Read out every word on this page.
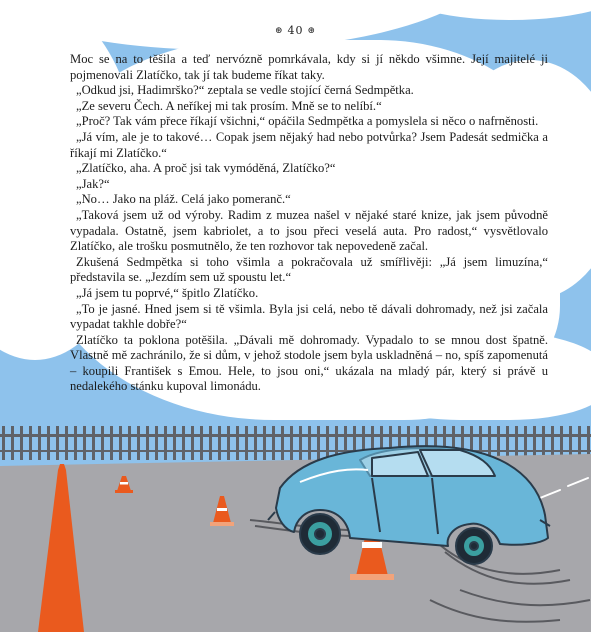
⊛ 40 ⊛

Moc se na to těšila a teď nervózně pomrkávala, kdy si jí někdo všimne. Její majitelé ji pojmenovali Zlatíčko, tak jí tak budeme říkat taky.

„Odkud jsi, Hadimrško?“ zeptala se vedle stojící černá Sedmpětka.

„Ze severu Čech. A neříkej mi tak prosím. Mně se to nelíbí.“

„Proč? Tak vám přece říkají všichni,“ opáčila Sedmpětka a pomyslela si něco o nafrněnosti.

„Já vím, ale je to takové… Copak jsem nějaký had nebo potvůrka? Jsem Padesát sedmička a říkají mi Zlatíčko.“

„Zlatíčko, aha. A proč jsi tak vymóděná, Zlatíčko?“

„Jak?“

„No… Jako na pláž. Celá jako pomeranč.“

„Taková jsem už od výroby. Radim z muzea našel v nějaké staré knize, jak jsem původně vypadala. Ostatně, jsem kabriolet, a to jsou přeci veselá auta. Pro radost,“ vysvětlovalo Zlatíčko, ale trošku posmutnělo, že ten rozhovor tak nepovedeně začal.

Zkušená Sedmpětka si toho všimla a pokračovala už smířlivěji: „Já jsem limuzína,“ představila se. „Jezdím sem už spoustu let.“

„Já jsem tu poprvé,“ špitlo Zlatíčko.

„To je jasné. Hned jsem si tě všimla. Byla jsi celá, nebo tě dávali dohromady, než jsi začala vypadat takhle dobře?“

Zlatíčko ta poklona potěšila. „Dávali mě dohromady. Vypadalo to se mnou dost špatně. Vlastně mě zachránilo, že si dům, v jehož stodole jsem byla uskladněná – no, spíš zapomenutá – koupili František s Emou. Hele, to jsou oni,“ ukázala na mladý pár, který si právě u nedalekého stánku kupoval limonádu.
